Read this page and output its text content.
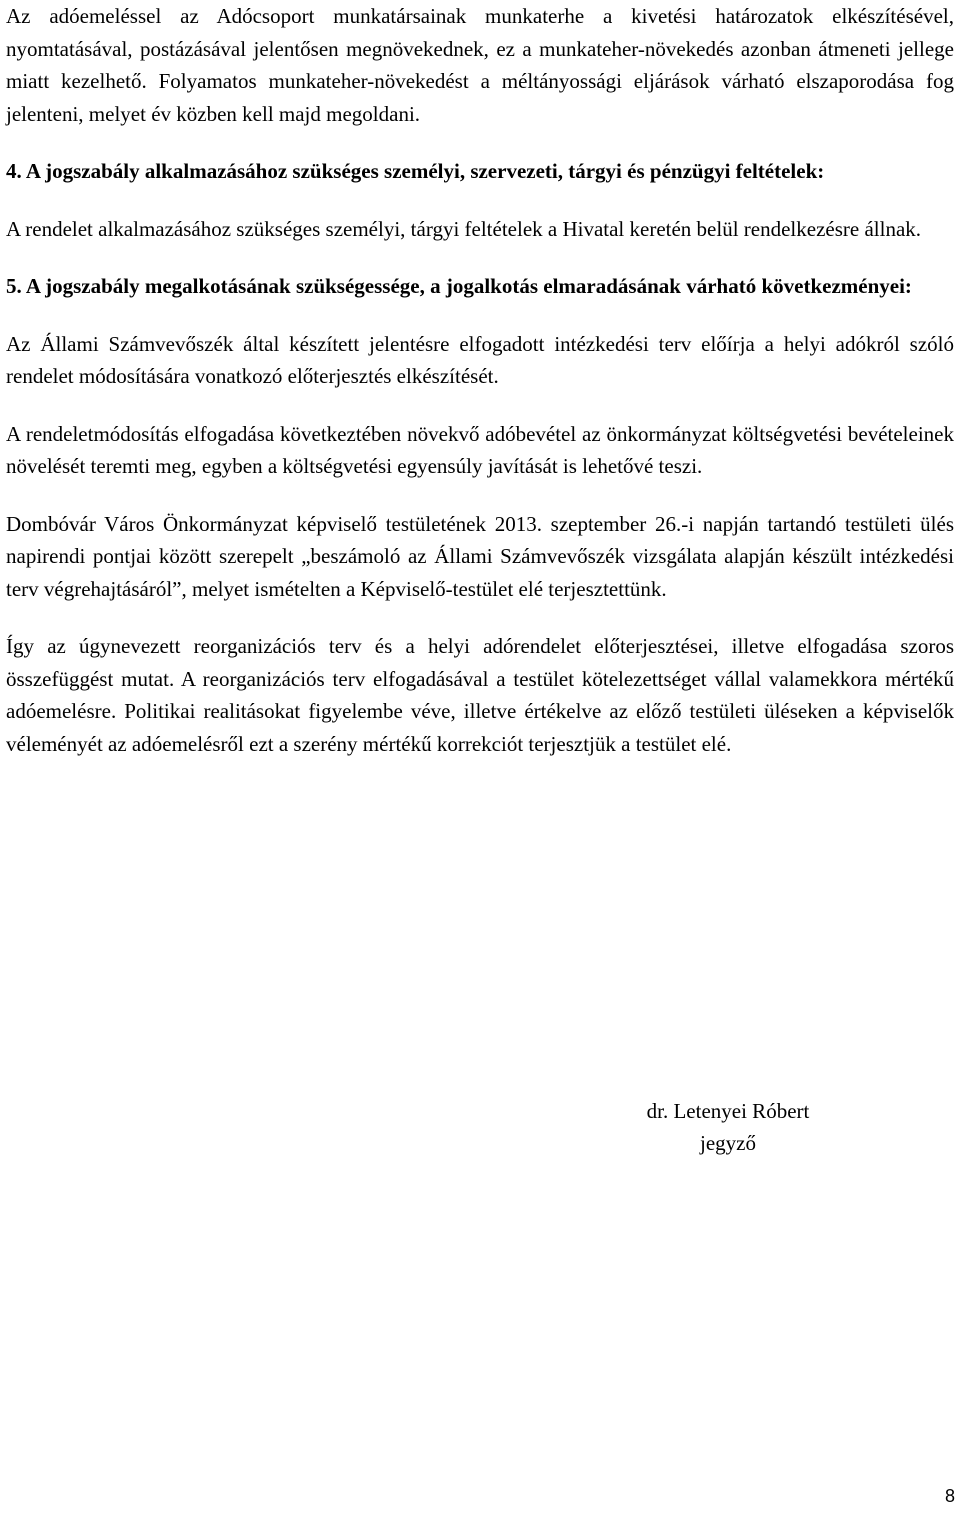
Az adóemeléssel az Adócsoport munkatársainak munkaterhe a kivetési határozatok elkészítésével, nyomtatásával, postázásával jelentősen megnövekednek, ez a munkateher-növekedés azonban átmeneti jellege miatt kezelhető. Folyamatos munkateher-növekedést a méltányossági eljárások várható elszaporodása fog jelenteni, melyet év közben kell majd megoldani.

4. A jogszabály alkalmazásához szükséges személyi, szervezeti, tárgyi és pénzügyi feltételek:

A rendelet alkalmazásához szükséges személyi, tárgyi feltételek a Hivatal keretén belül rendelkezésre állnak.

5. A jogszabály megalkotásának szükségessége, a jogalkotás elmaradásának várható következményei:

Az Állami Számvevőszék által készített jelentésre elfogadott intézkedési terv előírja a helyi adókról szóló rendelet módosítására vonatkozó előterjesztés elkészítését.

A rendeletmódosítás elfogadása következtében növekvő adóbevétel az önkormányzat költségvetési bevételeinek növelését teremti meg, egyben a költségvetési egyensúly javítását is lehetővé teszi.

Dombóvár Város Önkormányzat képviselő testületének 2013. szeptember 26.-i napján tartandó testületi ülés napirendi pontjai között szerepelt „beszámoló az Állami Számvevőszék vizsgálata alapján készült intézkedési terv végrehajtásáról”, melyet ismételten a Képviselő-testület elé terjesztettünk.

Így az úgynevezett reorganizációs terv és a helyi adórendelet előterjesztései, illetve elfogadása szoros összefüggést mutat. A reorganizációs terv elfogadásával a testület kötelezettséget vállal valamekkora mértékű adóemelésre. Politikai realitásokat figyelembe véve, illetve értékelve az előző testületi üléseken a képviselők véleményét az adóemelésről ezt a szerény mértékű korrekciót terjesztjük a testület elé.

dr. Letenyei Róbert
jegyző
8
